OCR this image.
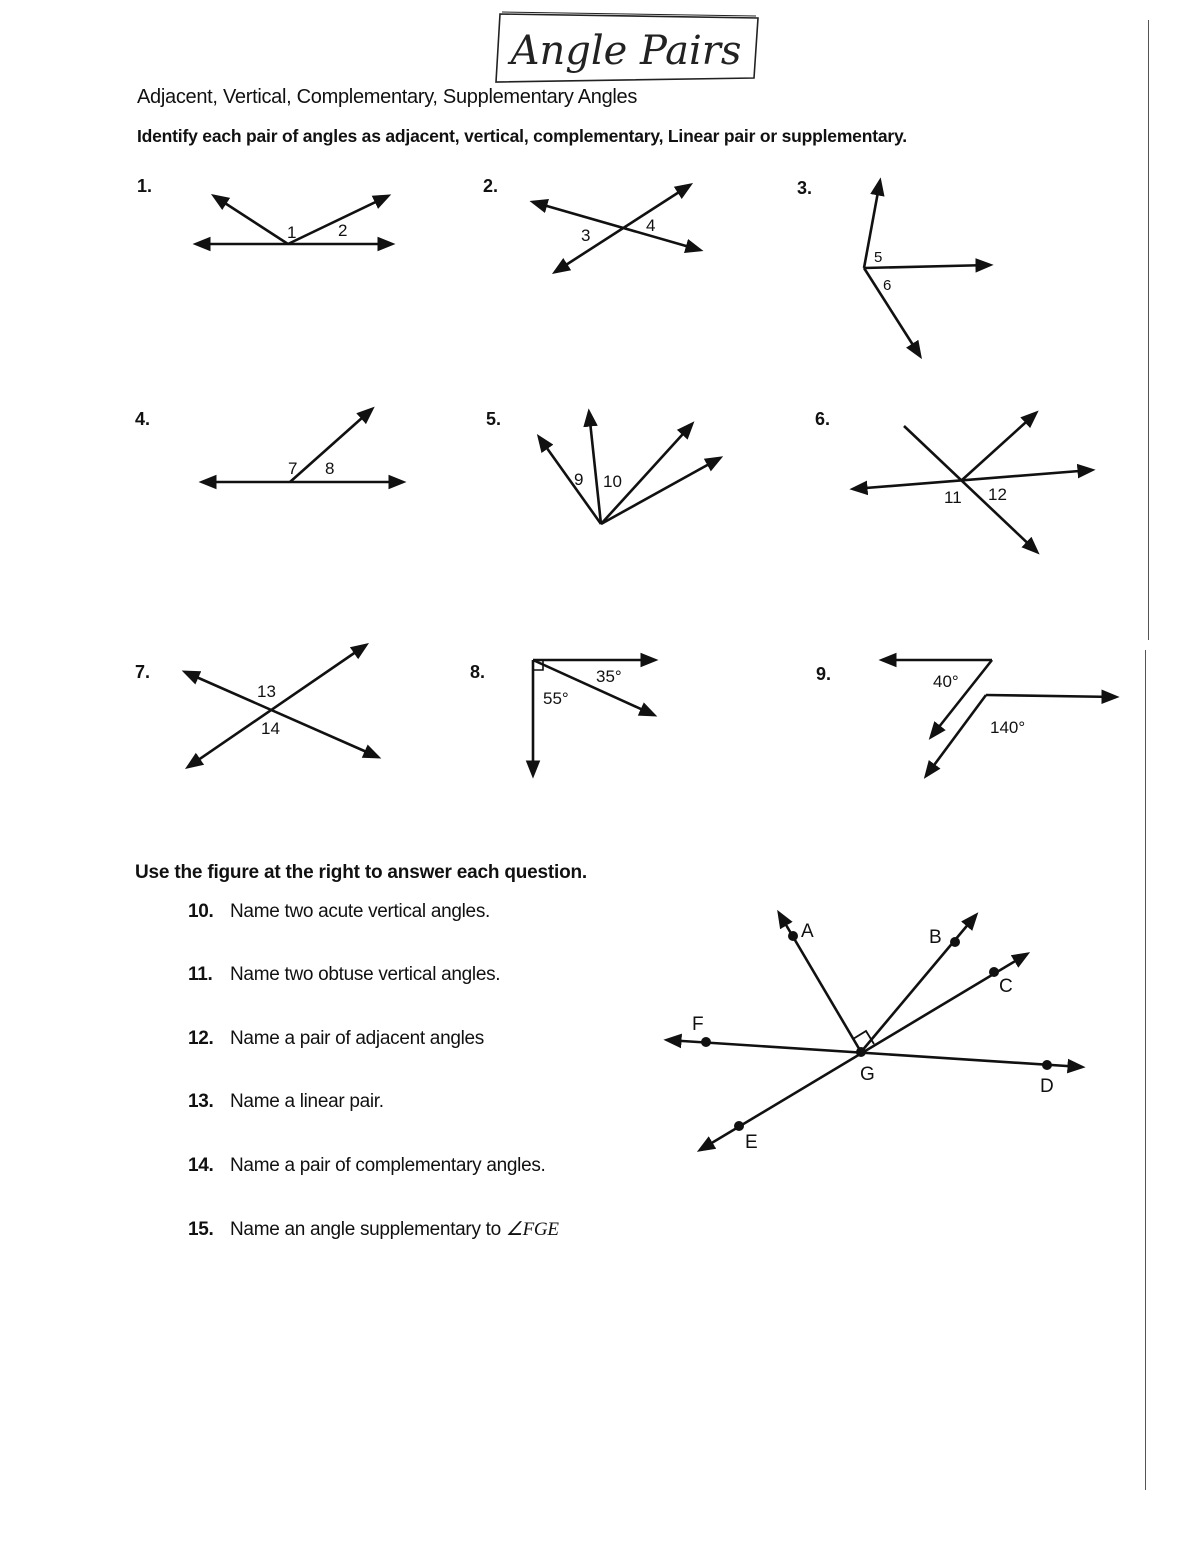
Angle Pairs
Adjacent, Vertical, Complementary, Supplementary Angles
Identify each pair of angles as adjacent, vertical, complementary, Linear pair or supplementary.
1.	2.	3.
4.	5.	6.
7.	8.	9.
1 2	3
4
5
6
7 8
9 10
11 12
13
14
35°
55°
40°
140°
A	B
C
D
E
F
G
Use the figure at the right to answer each question.
10. Name two acute vertical angles.
11. Name two obtuse vertical angles.
12. Name a pair of adjacent angles
13. Name a linear pair.
14. Name a pair of complementary angles.
15. Name an angle supplementary to ∠FGE
